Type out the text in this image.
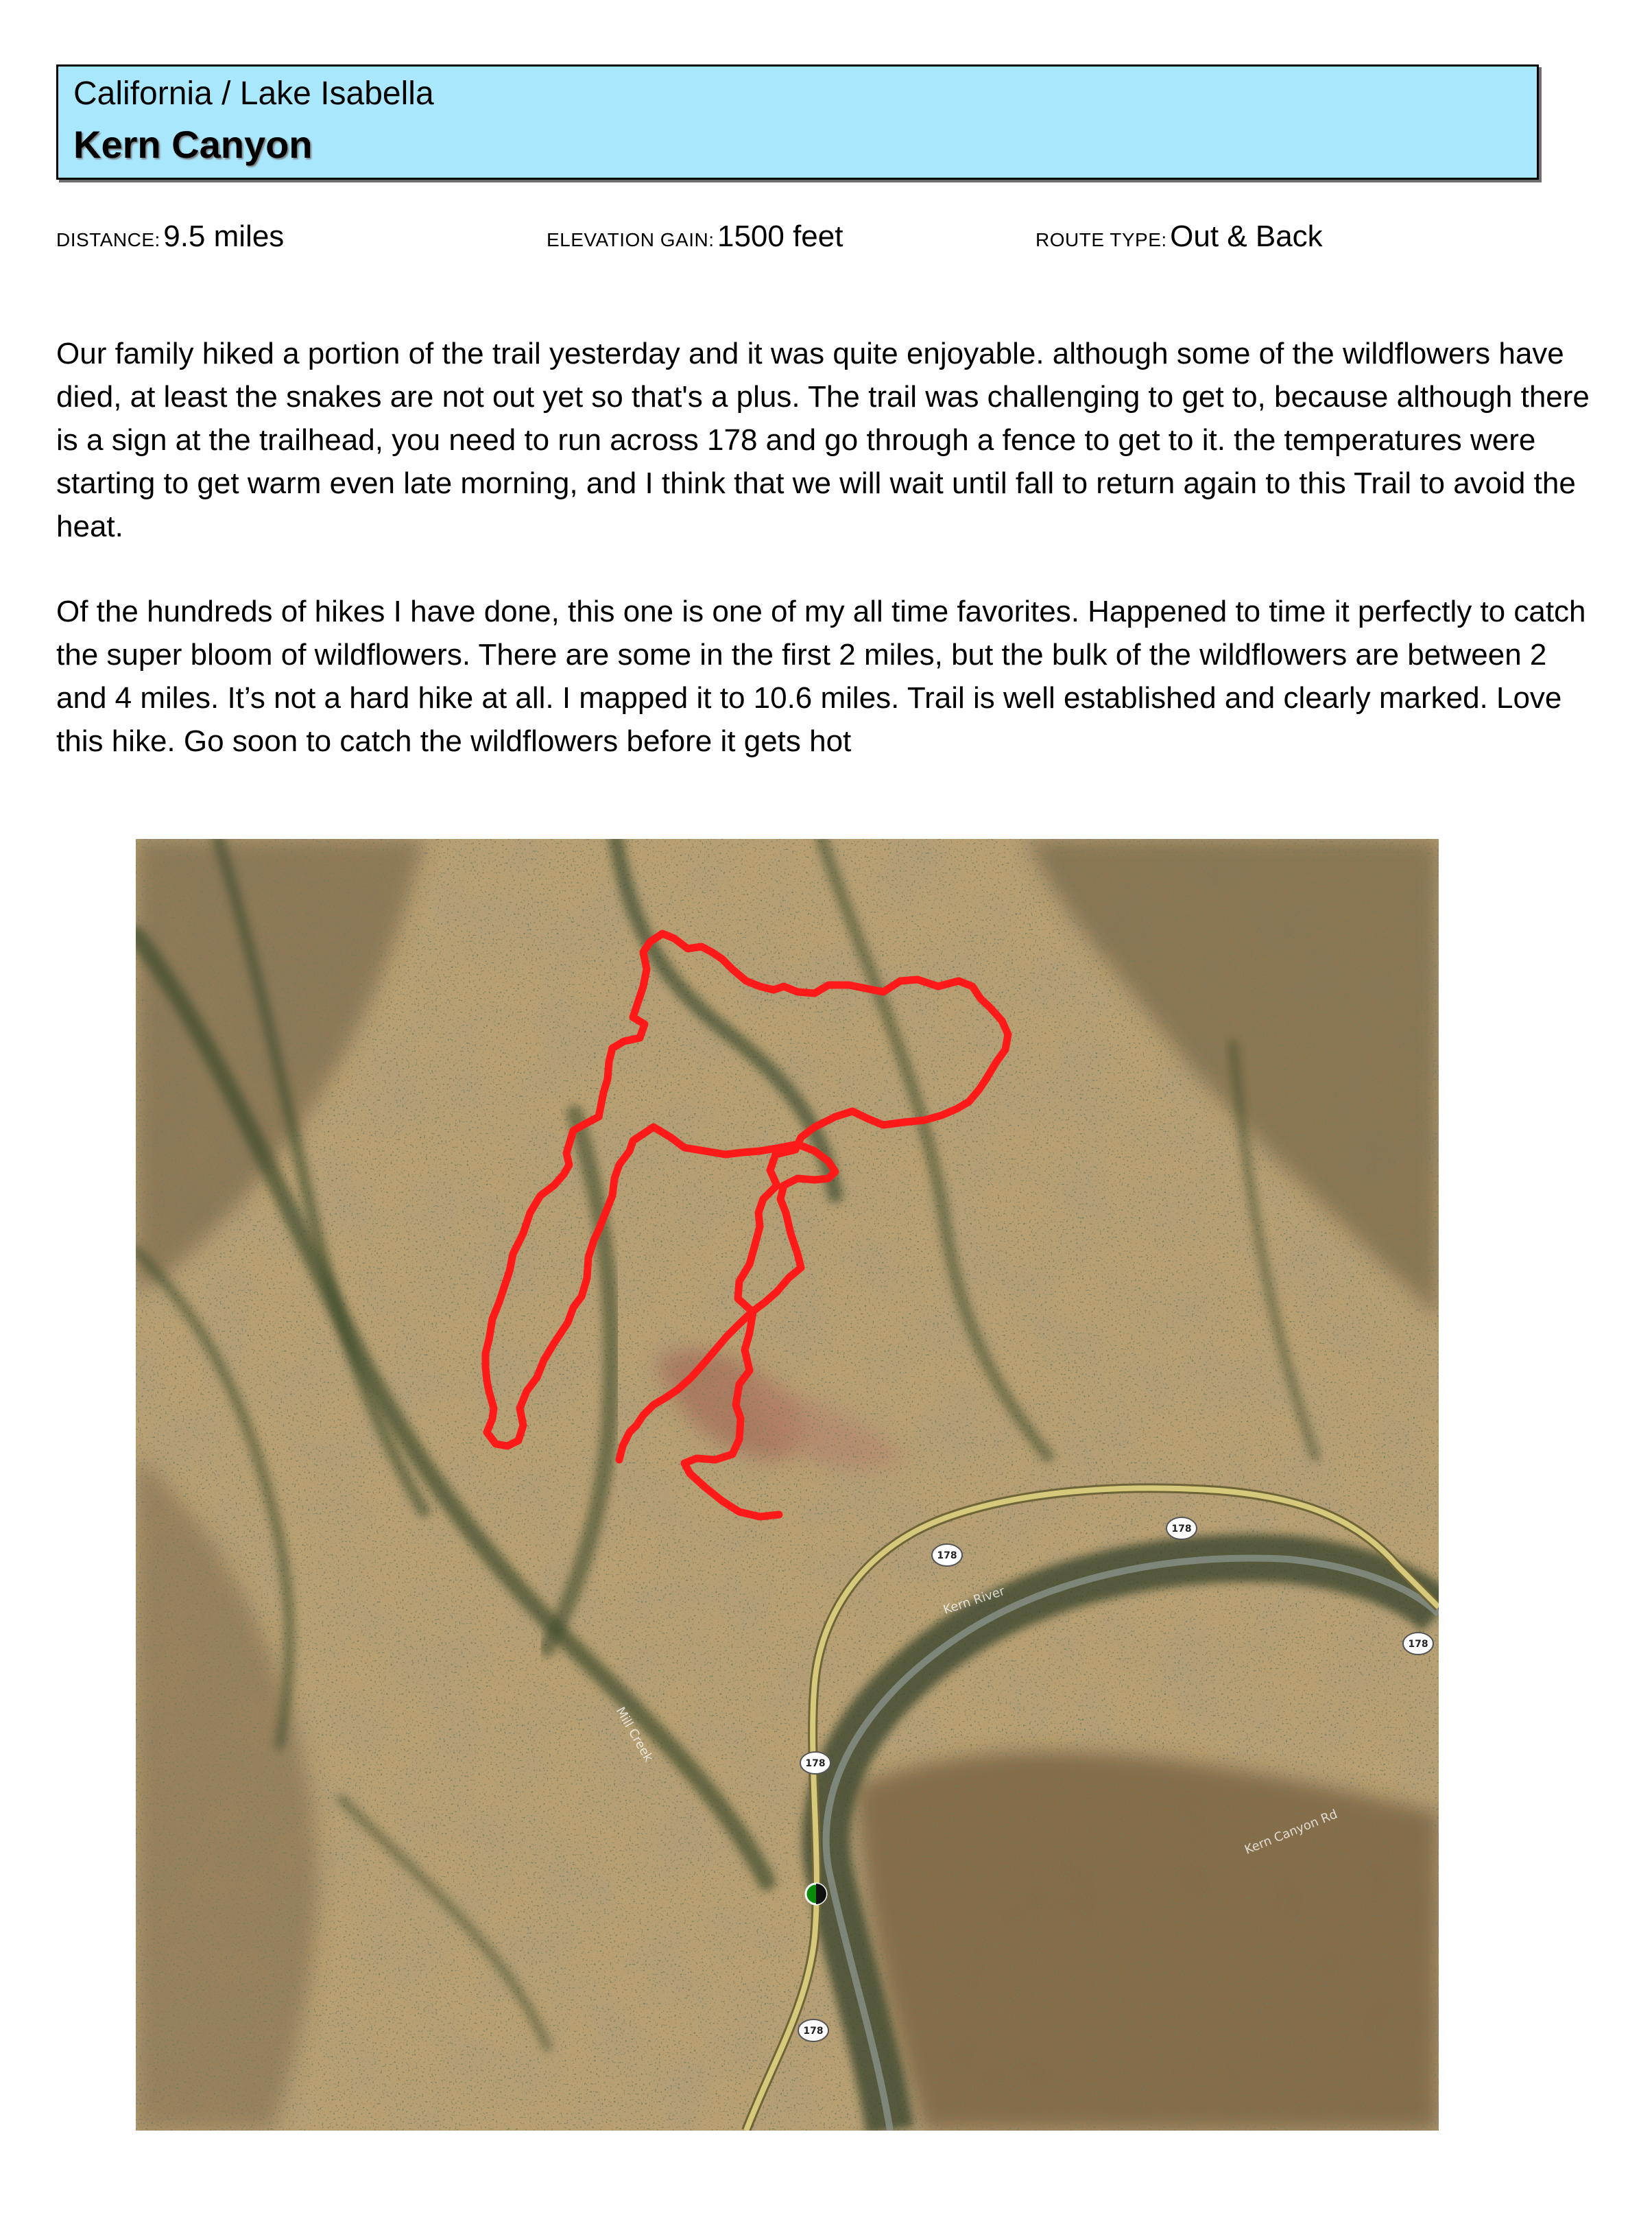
California / Lake Isabella
Kern Canyon
DISTANCE: 9.5 miles	ELEVATION GAIN: 1500 feet	ROUTE TYPE: Out & Back

Our family hiked a portion of the trail yesterday and it was quite enjoyable. although some of the wildflowers have died, at least the snakes are not out yet so that's a plus. The trail was challenging to get to, because although there is a sign at the trailhead, you need to run across 178 and go through a fence to get to it. the temperatures were starting to get warm even late morning, and I think that we will wait until fall to return again to this Trail to avoid the heat.

Of the hundreds of hikes I have done, this one is one of my all time favorites. Happened to time it perfectly to catch the super bloom of wildflowers. There are some in the first 2 miles, but the bulk of the wildflowers are between 2 and 4 miles. It’s not a hard hike at all. I mapped it to 10.6 miles. Trail is well established and clearly marked. Love this hike. Go soon to catch the wildflowers before it gets hot

Kern Canyon Rd
Kern River
Mill Creek
178
178
178
178
178
